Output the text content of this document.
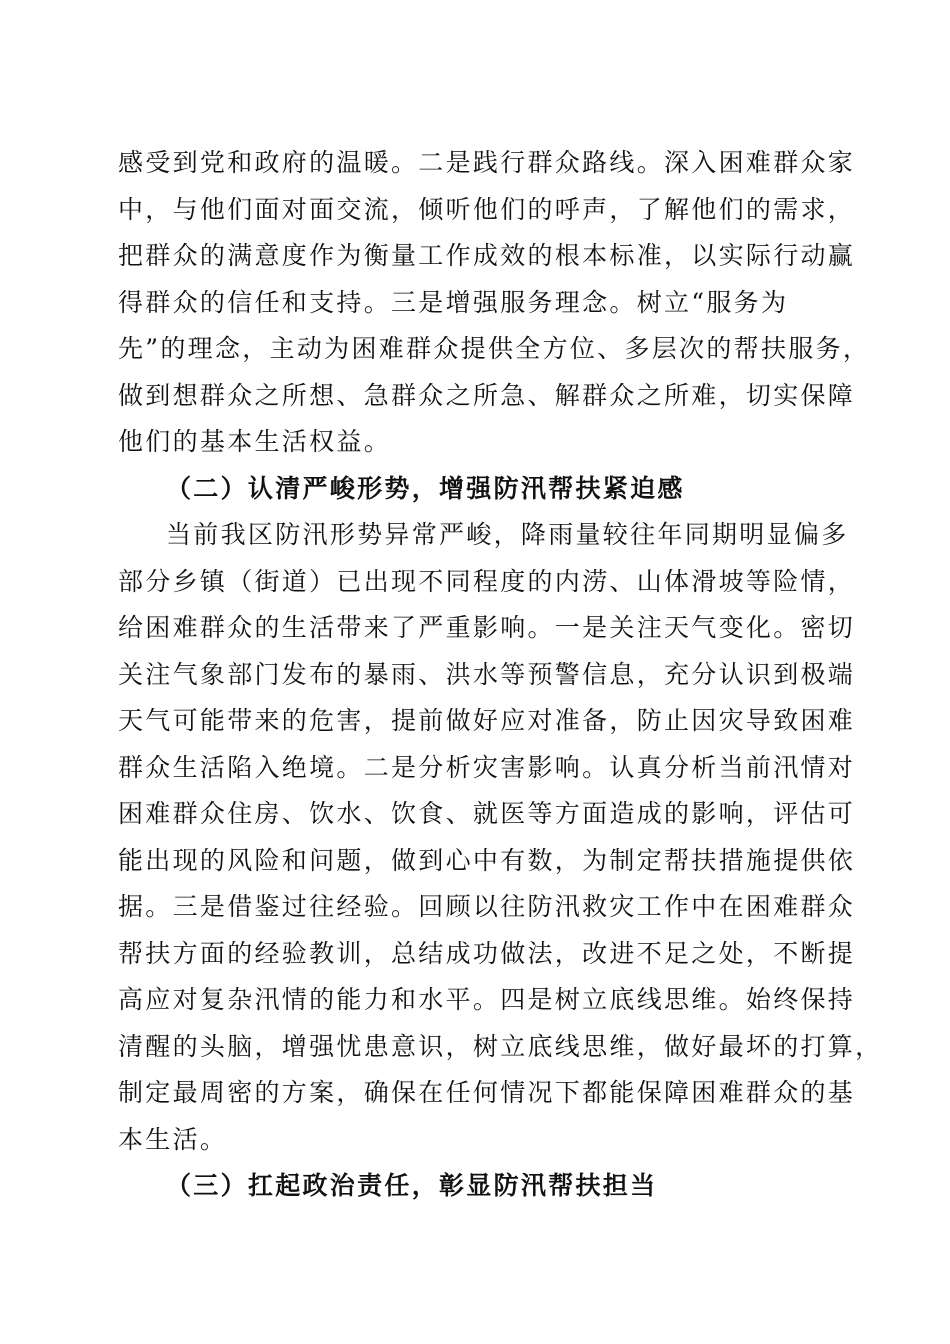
感受到党和政府的温暖。二是践行群众路线。深入困难群众家
中，与他们面对面交流，倾听他们的呼声，了解他们的需求，
把群众的满意度作为衡量工作成效的根本标准，以实际行动赢
得群众的信任和支持。三是增强服务理念。树立“服务为
先”的理念，主动为困难群众提供全方位、多层次的帮扶服务，
做到想群众之所想、急群众之所急、解群众之所难，切实保障
他们的基本生活权益。
（二）认清严峻形势，增强防汛帮扶紧迫感
当前我区防汛形势异常严峻，降雨量较往年同期明显偏多
部分乡镇（街道）已出现不同程度的内涝、山体滑坡等险情，
给困难群众的生活带来了严重影响。一是关注天气变化。密切
关注气象部门发布的暴雨、洪水等预警信息，充分认识到极端
天气可能带来的危害，提前做好应对准备，防止因灾导致困难
群众生活陷入绝境。二是分析灾害影响。认真分析当前汛情对
困难群众住房、饮水、饮食、就医等方面造成的影响，评估可
能出现的风险和问题，做到心中有数，为制定帮扶措施提供依
据。三是借鉴过往经验。回顾以往防汛救灾工作中在困难群众
帮扶方面的经验教训，总结成功做法，改进不足之处，不断提
高应对复杂汛情的能力和水平。四是树立底线思维。始终保持
清醒的头脑，增强忧患意识，树立底线思维，做好最坏的打算，
制定最周密的方案，确保在任何情况下都能保障困难群众的基
本生活。
（三）扛起政治责任，彰显防汛帮扶担当
